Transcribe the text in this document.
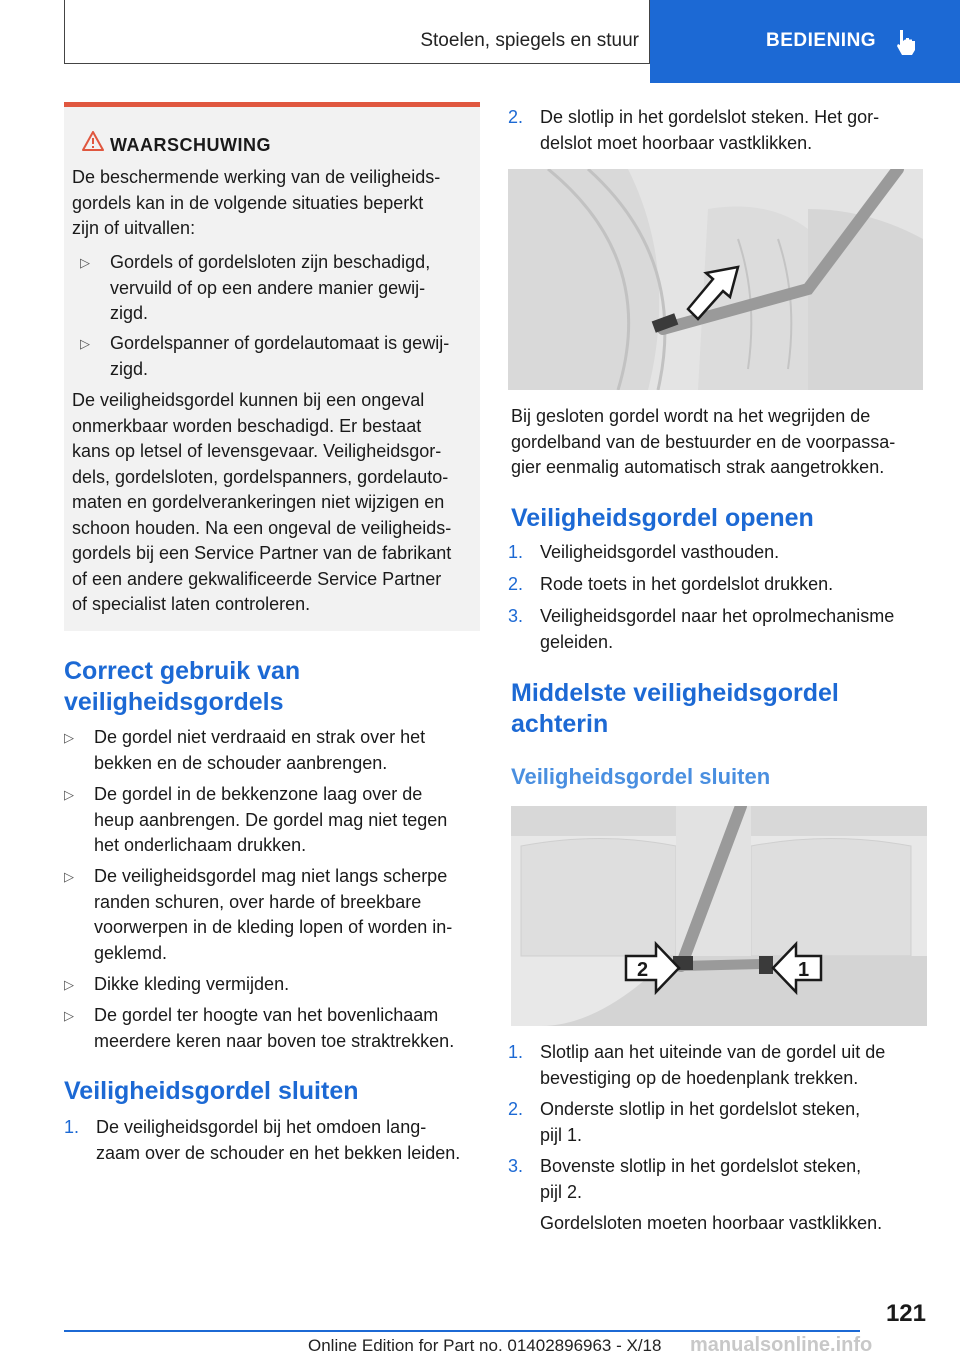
Stoelen, spiegels en stuur	BEDIENING
WAARSCHUWING
De beschermende werking van de veiligheids-
gordels kan in de volgende situaties beperkt
zijn of uitvallen:
▷ Gordels of gordelsloten zijn beschadigd,
vervuild of op een andere manier gewij-
zigd.
▷ Gordelspanner of gordelautomaat is gewij-
zigd.
De veiligheidsgordel kunnen bij een ongeval
onmerkbaar worden beschadigd. Er bestaat
kans op letsel of levensgevaar. Veiligheidsgor-
dels, gordelsloten, gordelspanners, gordelauto-
maten en gordelverankeringen niet wijzigen en
schoon houden. Na een ongeval de veiligheids-
gordels bij een Service Partner van de fabrikant
of een andere gekwalificeerde Service Partner
of specialist laten controleren.
Correct gebruik van
veiligheidsgordels
▷ De gordel niet verdraaid en strak over het
bekken en de schouder aanbrengen.
▷ De gordel in de bekkenzone laag over de
heup aanbrengen. De gordel mag niet tegen
het onderlichaam drukken.
▷ De veiligheidsgordel mag niet langs scherpe
randen schuren, over harde of breekbare
voorwerpen in de kleding lopen of worden in-
geklemd.
▷ Dikke kleding vermijden.
▷ De gordel ter hoogte van het bovenlichaam
meerdere keren naar boven toe straktrekken.
Veiligheidsgordel sluiten
1. De veiligheidsgordel bij het omdoen lang-
zaam over de schouder en het bekken leiden.
2. De slotlip in het gordelslot steken. Het gor-
delslot moet hoorbaar vastklikken.
Bij gesloten gordel wordt na het wegrijden de
gordelband van de bestuurder en de voorpassa-
gier eenmalig automatisch strak aangetrokken.
Veiligheidsgordel openen
1. Veiligheidsgordel vasthouden.
2. Rode toets in het gordelslot drukken.
3. Veiligheidsgordel naar het oprolmechanisme
geleiden.
Middelste veiligheidsgordel
achterin
Veiligheidsgordel sluiten
2	1
1. Slotlip aan het uiteinde van de gordel uit de
bevestiging op de hoedenplank trekken.
2. Onderste slotlip in het gordelslot steken,
pijl 1.
3. Bovenste slotlip in het gordelslot steken,
pijl 2.
Gordelsloten moeten hoorbaar vastklikken.
121
Online Edition for Part no. 01402896963 - X/18 manualsonline.info
